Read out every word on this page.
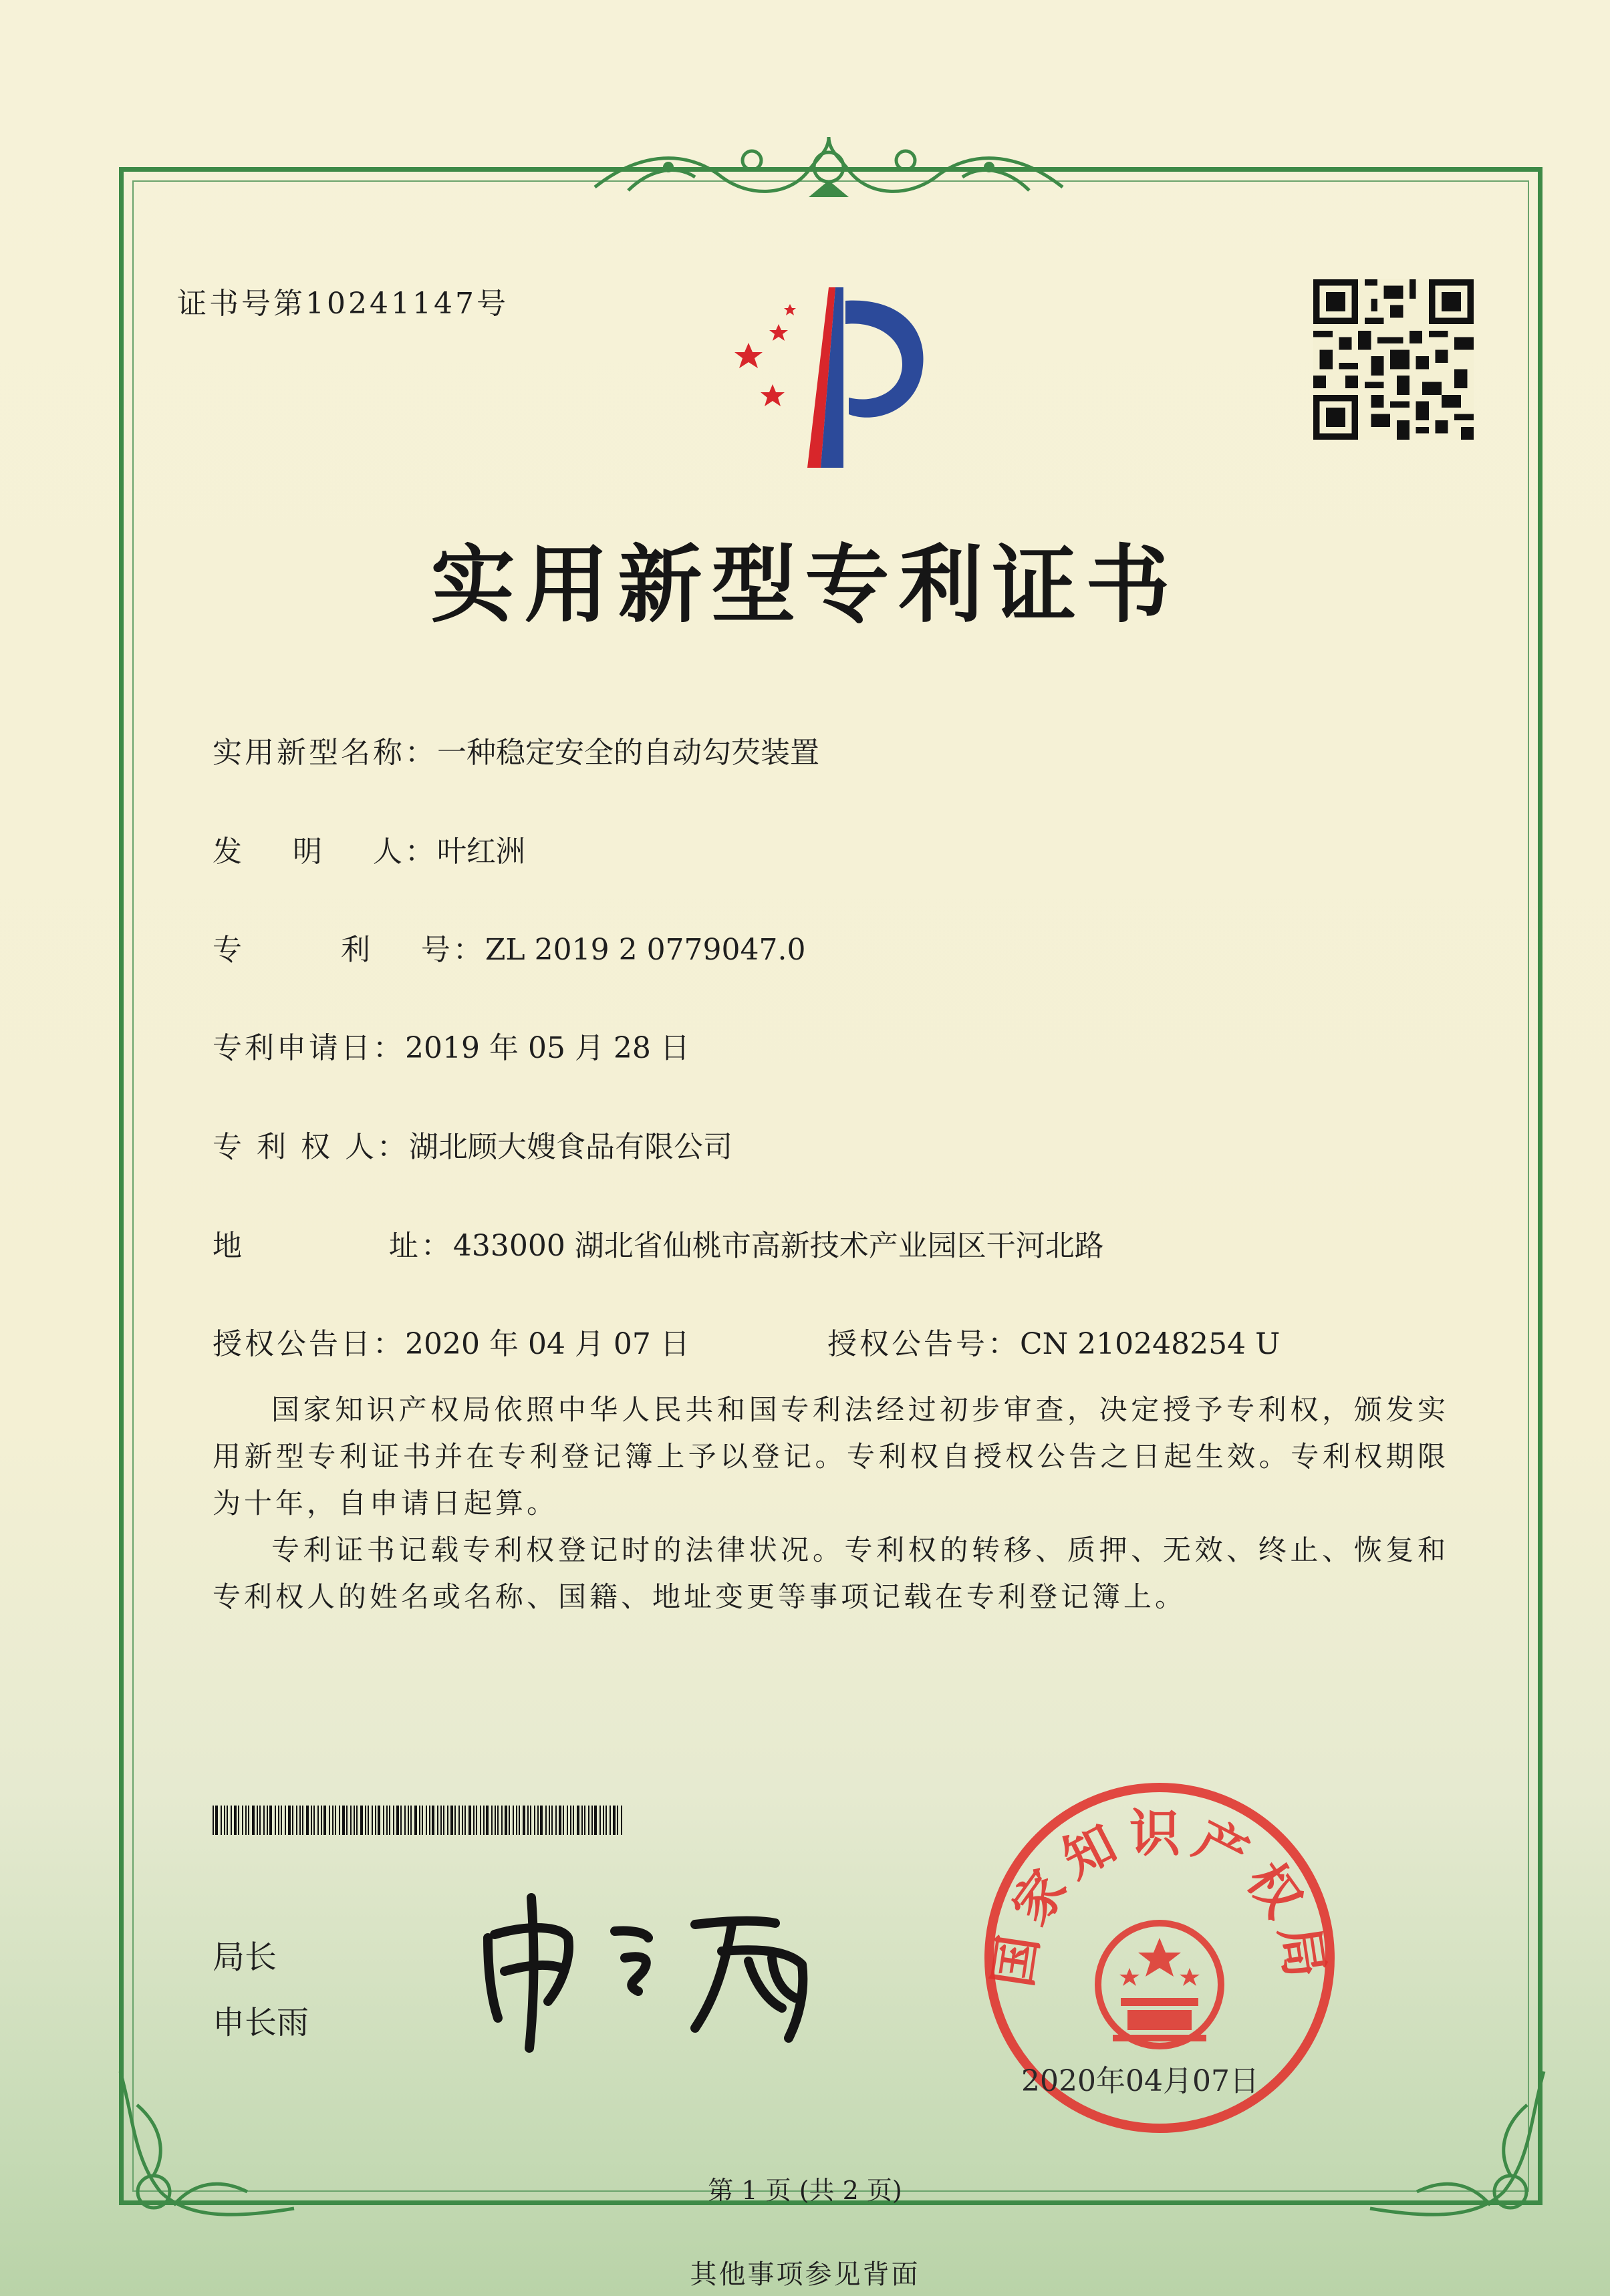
证书号第10241147号
实用新型专利证书
实用新型名称：一种稳定安全的自动勾芡装置
发    明    人：叶红洲
专        利    号：ZL 2019 2 0779047.0
专利申请日：2019 年 05 月 28 日
专 利 权 人：湖北顾大嫂食品有限公司
地            址：433000 湖北省仙桃市高新技术产业园区干河北路
授权公告日：2020 年 04 月 07 日	授权公告号：CN 210248254 U

国家知识产权局依照中华人民共和国专利法经过初步审查，决定授予专利权，颁发实用新型专利证书并在专利登记簿上予以登记。专利权自授权公告之日起生效。专利权期限为十年，自申请日起算。

专利证书记载专利权登记时的法律状况。专利权的转移、质押、无效、终止、恢复和专利权人的姓名或名称、国籍、地址变更等事项记载在专利登记簿上。

局长
申长雨
国家知识产权局
2020年04月07日
第 1 页 (共 2 页)
其他事项参见背面
